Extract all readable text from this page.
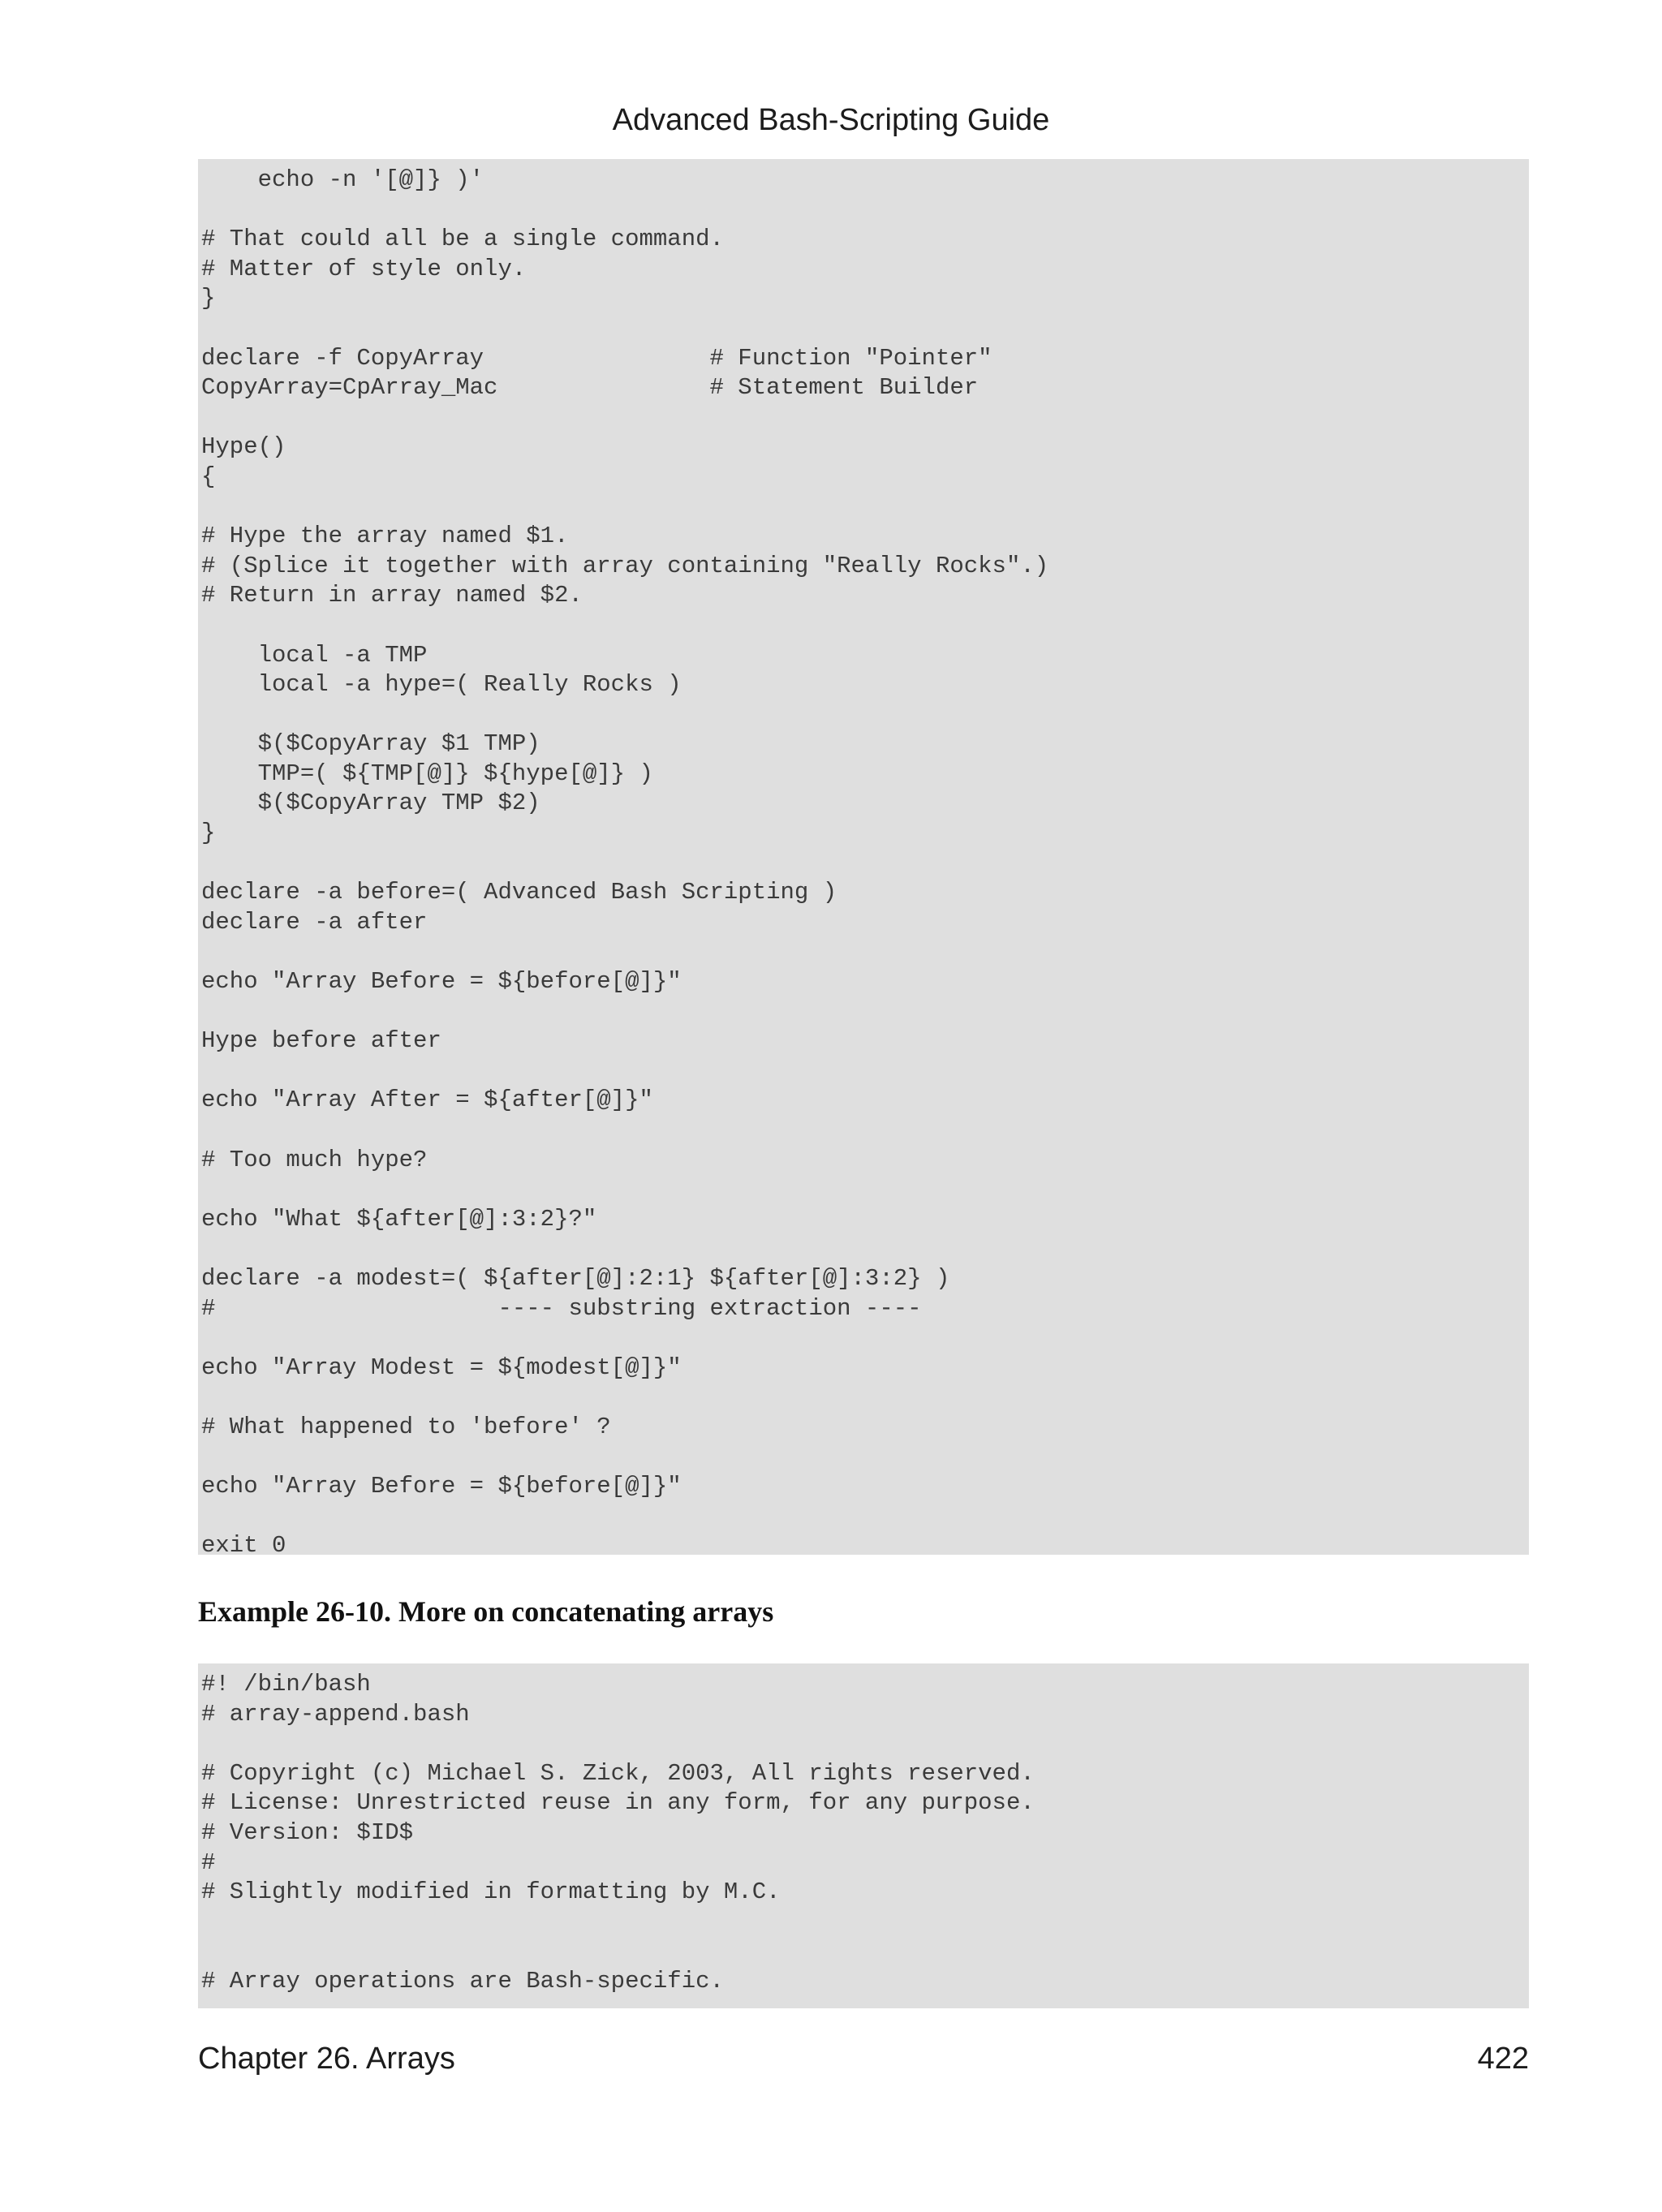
Advanced Bash-Scripting Guide
echo -n '[@]} )'

# That could all be a single command.
# Matter of style only.
}

declare -f CopyArray                # Function "Pointer"
CopyArray=CpArray_Mac               # Statement Builder

Hype()
{

# Hype the array named $1.
# (Splice it together with array containing "Really Rocks".)
# Return in array named $2.

local -a TMP
local -a hype=( Really Rocks )

$($CopyArray $1 TMP)
TMP=( ${TMP[@]} ${hype[@]} )
$($CopyArray TMP $2)
}

declare -a before=( Advanced Bash Scripting )
declare -a after

echo "Array Before = ${before[@]}"

Hype before after

echo "Array After = ${after[@]}"

# Too much hype?

echo "What ${after[@]:3:2}?"

declare -a modest=( ${after[@]:2:1} ${after[@]:3:2} )
#                    ---- substring extraction ----

echo "Array Modest = ${modest[@]}"

# What happened to 'before' ?

echo "Array Before = ${before[@]}"

exit 0
Example 26-10. More on concatenating arrays
#! /bin/bash
# array-append.bash

# Copyright (c) Michael S. Zick, 2003, All rights reserved.
# License: Unrestricted reuse in any form, for any purpose.
# Version: $ID$
#
# Slightly modified in formatting by M.C.

# Array operations are Bash-specific.
Chapter 26. Arrays	422
